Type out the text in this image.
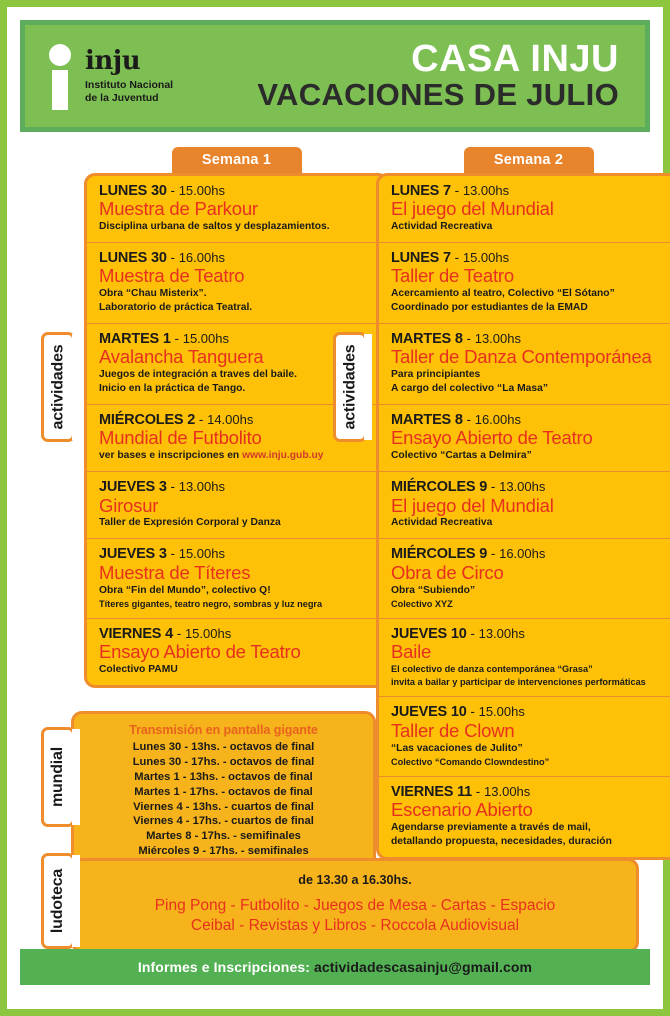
inju
Instituto Nacional
de la Juventud
CASA INJU
VACACIONES DE JULIO
actividades	actividades
mundial
ludoteca
Semana 1
LUNES 30 - 15.00hs
Muestra de Parkour
Disciplina urbana de saltos y desplazamientos.
LUNES 30 - 16.00hs
Muestra de Teatro
Obra “Chau Misterix”.
Laboratorio de práctica Teatral.
MARTES 1 - 15.00hs
Avalancha Tanguera
Juegos de integración a traves del baile.
Inicio en la práctica de Tango.
MIÉRCOLES 2 - 14.00hs
Mundial de Futbolito
ver bases e inscripciones en www.inju.gub.uy
JUEVES 3 - 13.00hs
Girosur
Taller de Expresión Corporal y Danza
JUEVES 3 - 15.00hs
Muestra de Títeres
Obra “Fin del Mundo”, colectivo Q!
Títeres gigantes, teatro negro, sombras y luz negra
VIERNES 4 - 15.00hs
Ensayo Abierto de Teatro
Colectivo PAMU
Semana 2
LUNES 7 - 13.00hs
El juego del Mundial
Actividad Recreativa
LUNES 7 - 15.00hs
Taller de Teatro
Acercamiento al teatro, Colectivo “El Sótano”
Coordinado por estudiantes de la EMAD
MARTES 8 - 13.00hs
Taller de Danza Contemporánea
Para principiantes
A cargo del colectivo “La Masa”
MARTES 8 - 16.00hs
Ensayo Abierto de Teatro
Colectivo “Cartas a Delmira”
MIÉRCOLES 9 - 13.00hs
El juego del Mundial
Actividad Recreativa
MIÉRCOLES 9 - 16.00hs
Obra de Circo
Obra “Subiendo”
Colectivo XYZ
JUEVES 10 - 13.00hs
Baile
El colectivo de danza contemporánea “Grasa”
invita a bailar y participar de intervenciones performáticas
JUEVES 10 - 15.00hs
Taller de Clown
“Las vacaciones de Julito”
Colectivo “Comando Clowndestino”
VIERNES 11 - 13.00hs
Escenario Abierto
Agendarse previamente a través de mail,
detallando propuesta, necesidades, duración
Transmisión en pantalla gigante
Lunes 30 - 13hs. - octavos de final
Lunes 30 - 17hs. - octavos de final
Martes 1 - 13hs. - octavos de final
Martes 1 - 17hs. - octavos de final
Viernes 4 - 13hs. - cuartos de final
Viernes 4 - 17hs. - cuartos de final
Martes 8 - 17hs. - semifinales
Miércoles 9 - 17hs. - semifinales
de 13.30 a 16.30hs.
Ping Pong - Futbolito - Juegos de Mesa - Cartas - Espacio
Ceibal - Revistas y Libros - Roccola Audiovisual
Informes e Inscripciones: actividadescasainju@gmail.com
